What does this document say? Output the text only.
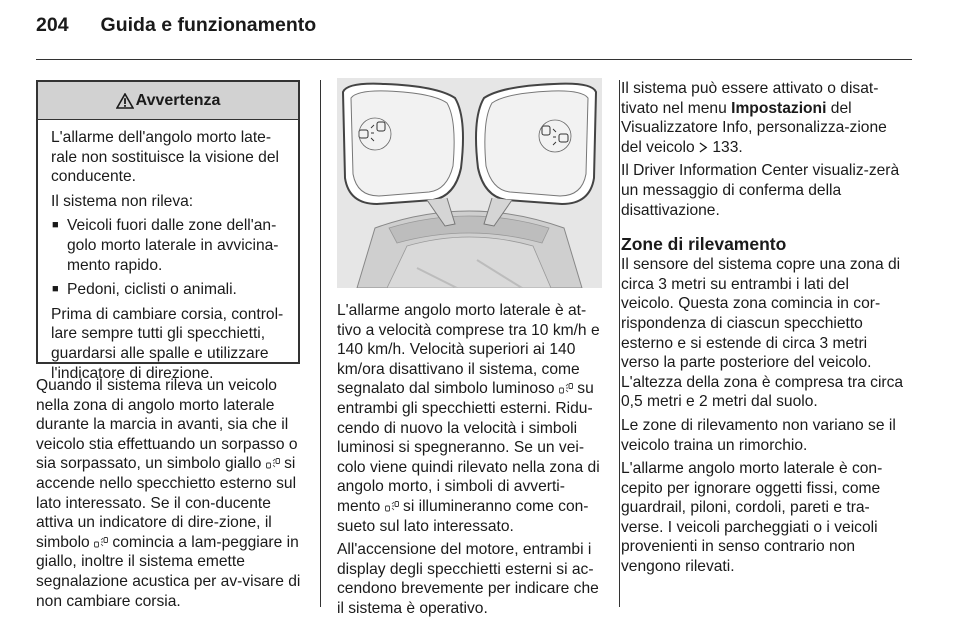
204 Guida e funzionamento
Avvertenza

L'allarme dell'angolo morto late-rale non sostituisce la visione del conducente.

Il sistema non rileva:

■ Veicoli fuori dalle zone dell'an-golo morto laterale in avvicina-mento rapido.
■ Pedoni, ciclisti o animali.

Prima di cambiare corsia, control-lare sempre tutti gli specchietti, guardarsi alle spalle e utilizzare l'indicatore di direzione.

Quando il sistema rileva un veicolo nella zona di angolo morto laterale durante la marcia in avanti, sia che il veicolo stia effettuando un sorpasso o sia sorpassato, un simbolo giallo si accende nello specchietto esterno sul lato interessato. Se il con-ducente attiva un indicatore di dire-zione, il simbolo comincia a lam-peggiare in giallo, inoltre il sistema emette segnalazione acustica per av-visare di non cambiare corsia.

L'allarme angolo morto laterale è at-tivo a velocità comprese tra 10 km/h e 140 km/h. Velocità superiori ai 140 km/ora disattivano il sistema, come segnalato dal simbolo luminoso su entrambi gli specchietti esterni. Ridu-cendo di nuovo la velocità i simboli luminosi si spegneranno. Se un vei-colo viene quindi rilevato nella zona di angolo morto, i simboli di avverti-mento si illumineranno come con-sueto sul lato interessato.

All'accensione del motore, entrambi i display degli specchietti esterni si ac-cendono brevemente per indicare che il sistema è operativo.

Il sistema può essere attivato o disat-tivato nel menu Impostazioni del Visualizzatore Info, personalizza-zione del veicolo 133.

Il Driver Information Center visualiz-zerà un messaggio di conferma della disattivazione.

Zone di rilevamento

Il sensore del sistema copre una zona di circa 3 metri su entrambi i lati del veicolo. Questa zona comincia in cor-rispondenza di ciascun specchietto esterno e si estende di circa 3 metri verso la parte posteriore del veicolo. L'altezza della zona è compresa tra circa 0,5 metri e 2 metri dal suolo.

Le zone di rilevamento non variano se il veicolo traina un rimorchio.

L'allarme angolo morto laterale è con-cepito per ignorare oggetti fissi, come guardrail, piloni, cordoli, pareti e tra-verse. I veicoli parcheggiati o i veicoli provenienti in senso contrario non vengono rilevati.
